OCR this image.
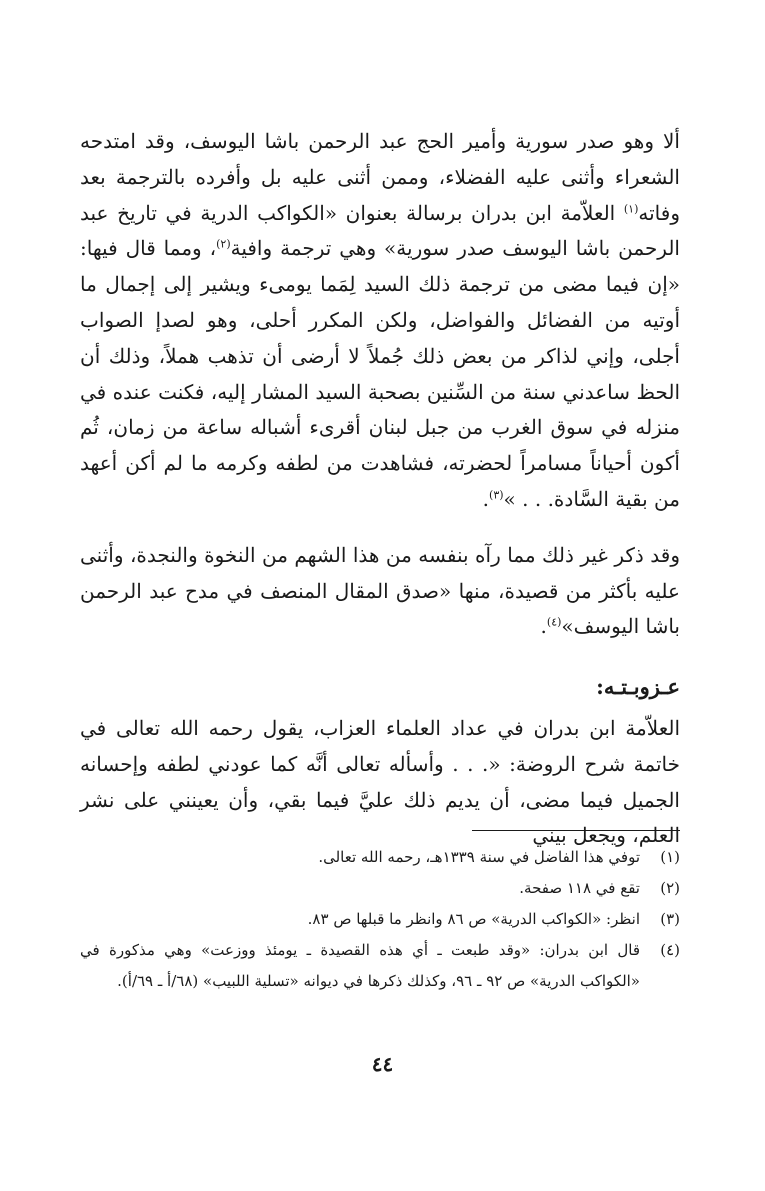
ألا وهو صدر سورية وأمير الحج عبد الرحمن باشا اليوسف، وقد امتدحه الشعراء وأثنى عليه الفضلاء، وممن أثنى عليه بل وأفرده بالترجمة بعد وفاته$^{(١)}$ العلاّمة ابن بدران برسالة بعنوان «الكواكب الدرية في تاريخ عبد الرحمن باشا اليوسف صدر سورية» وهي ترجمة وافية$^{(٢)}$، ومما قال فيها: «إن فيما مضى من ترجمة ذلك السيد لِمَما يومىء ويشير إلى إجمال ما أوتيه من الفضائل والفواضل، ولكن المكرر أحلى، وهو لصدإ الصواب أجلى، وإني لذاكر من بعض ذلك جُملاً لا أرضى أن تذهب هملاً، وذلك أن الحظ ساعدني سنة من السِّنين بصحبة السيد المشار إليه، فكنت عنده في منزله في سوق الغرب من جبل لبنان أقرىء أشباله ساعة من زمان، ثُم أكون أحياناً مسامراً لحضرته، فشاهدت من لطفه وكرمه ما لم أكن أعهد من بقية السَّادة. . . »$^{(٣)}$.

وقد ذكر غير ذلك مما رآه بنفسه من هذا الشهم من النخوة والنجدة، وأثنى عليه بأكثر من قصيدة، منها «صدق المقال المنصف في مدح عبد الرحمن باشا اليوسف»$^{(٤)}$.

عـزوبـتـه:

العلاّمة ابن بدران في عداد العلماء العزاب، يقول رحمه الله تعالى في خاتمة شرح الروضة: «. . . وأسأله تعالى أنَّه كما عودني لطفه وإحسانه الجميل فيما مضى، أن يديم ذلك عليَّ فيما بقي، وأن يعينني على نشر العلم، ويجعل بيني

(١)
توفي هذا الفاضل في سنة ١٣٣٩هـ، رحمه الله تعالى.
(٢)
تقع في ١١٨ صفحة.
(٣)
انظر: «الكواكب الدرية» ص ٨٦ وانظر ما قبلها ص ٨٣.
(٤)
قال ابن بدران: «وقد طبعت ـ أي هذه القصيدة ـ يومئذ ووزعت» وهي مذكورة في «الكواكب الدرية» ص ٩٢ ـ ٩٦، وكذلك ذكرها في ديوانه «تسلية اللبيب» (٦٨/أ ـ ٦٩/أ).
٤٤
